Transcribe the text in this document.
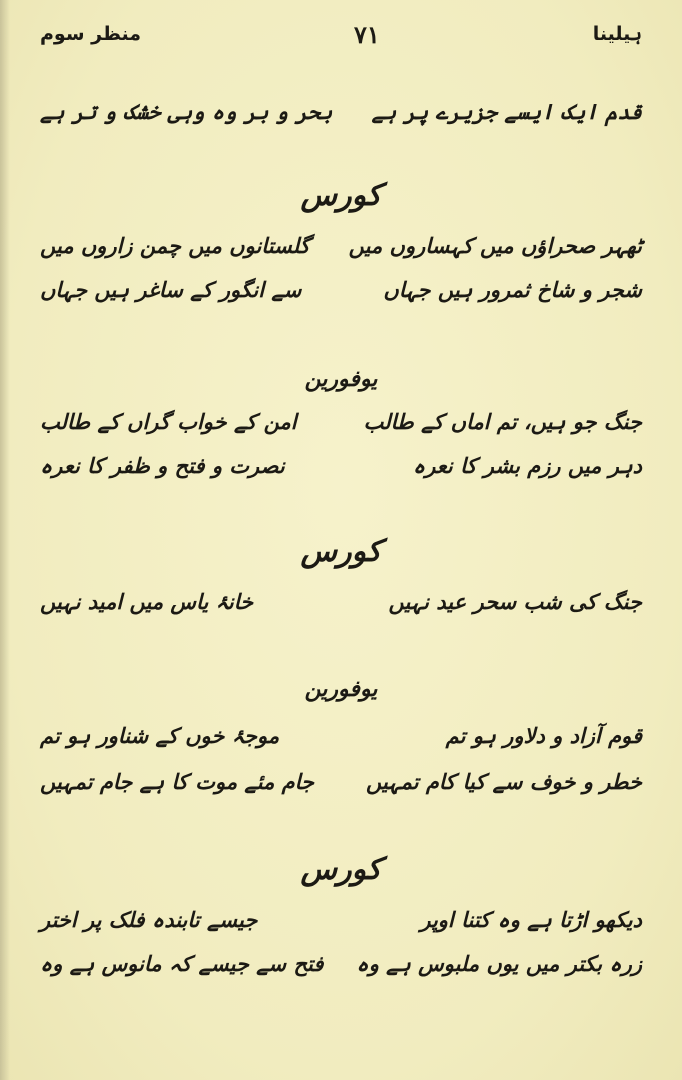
منظر سوم	۷۱	ہیلینا
بحر و بر وہ وہی خشک و تر ہے قدم ایک ایسے جزیرے پر ہے
کورس
گلستانوں میں چمن زاروں میں ٹھہر صحراؤں میں کہساروں میں
سے انگور کے ساغر ہیں جہاں	شجر و شاخ ثمرور ہیں جہاں
یوفورین
امن کے خواب گراں کے طالب	جنگ جو ہیں، تم اماں کے طالب
نصرت و فتح و ظفر کا نعرہ	دہر میں رزم بشر کا نعرہ
کورس
خانۂ یاس میں امید نہیں	جنگ کی شب سحر عید نہیں
یوفورین
موجۂ خوں کے شناور ہو تم	قوم آزاد و دلاور ہو تم
جام مئے موت کا ہے جام تمہیں خطر و خوف سے کیا کام تمہیں
کورس
جیسے تابندہ فلک پر اختر	دیکھو اڑتا ہے وہ کتنا اوپر
فتح سے جیسے کہ مانوس ہے وہ زرہ بکتر میں یوں ملبوس ہے وہ
